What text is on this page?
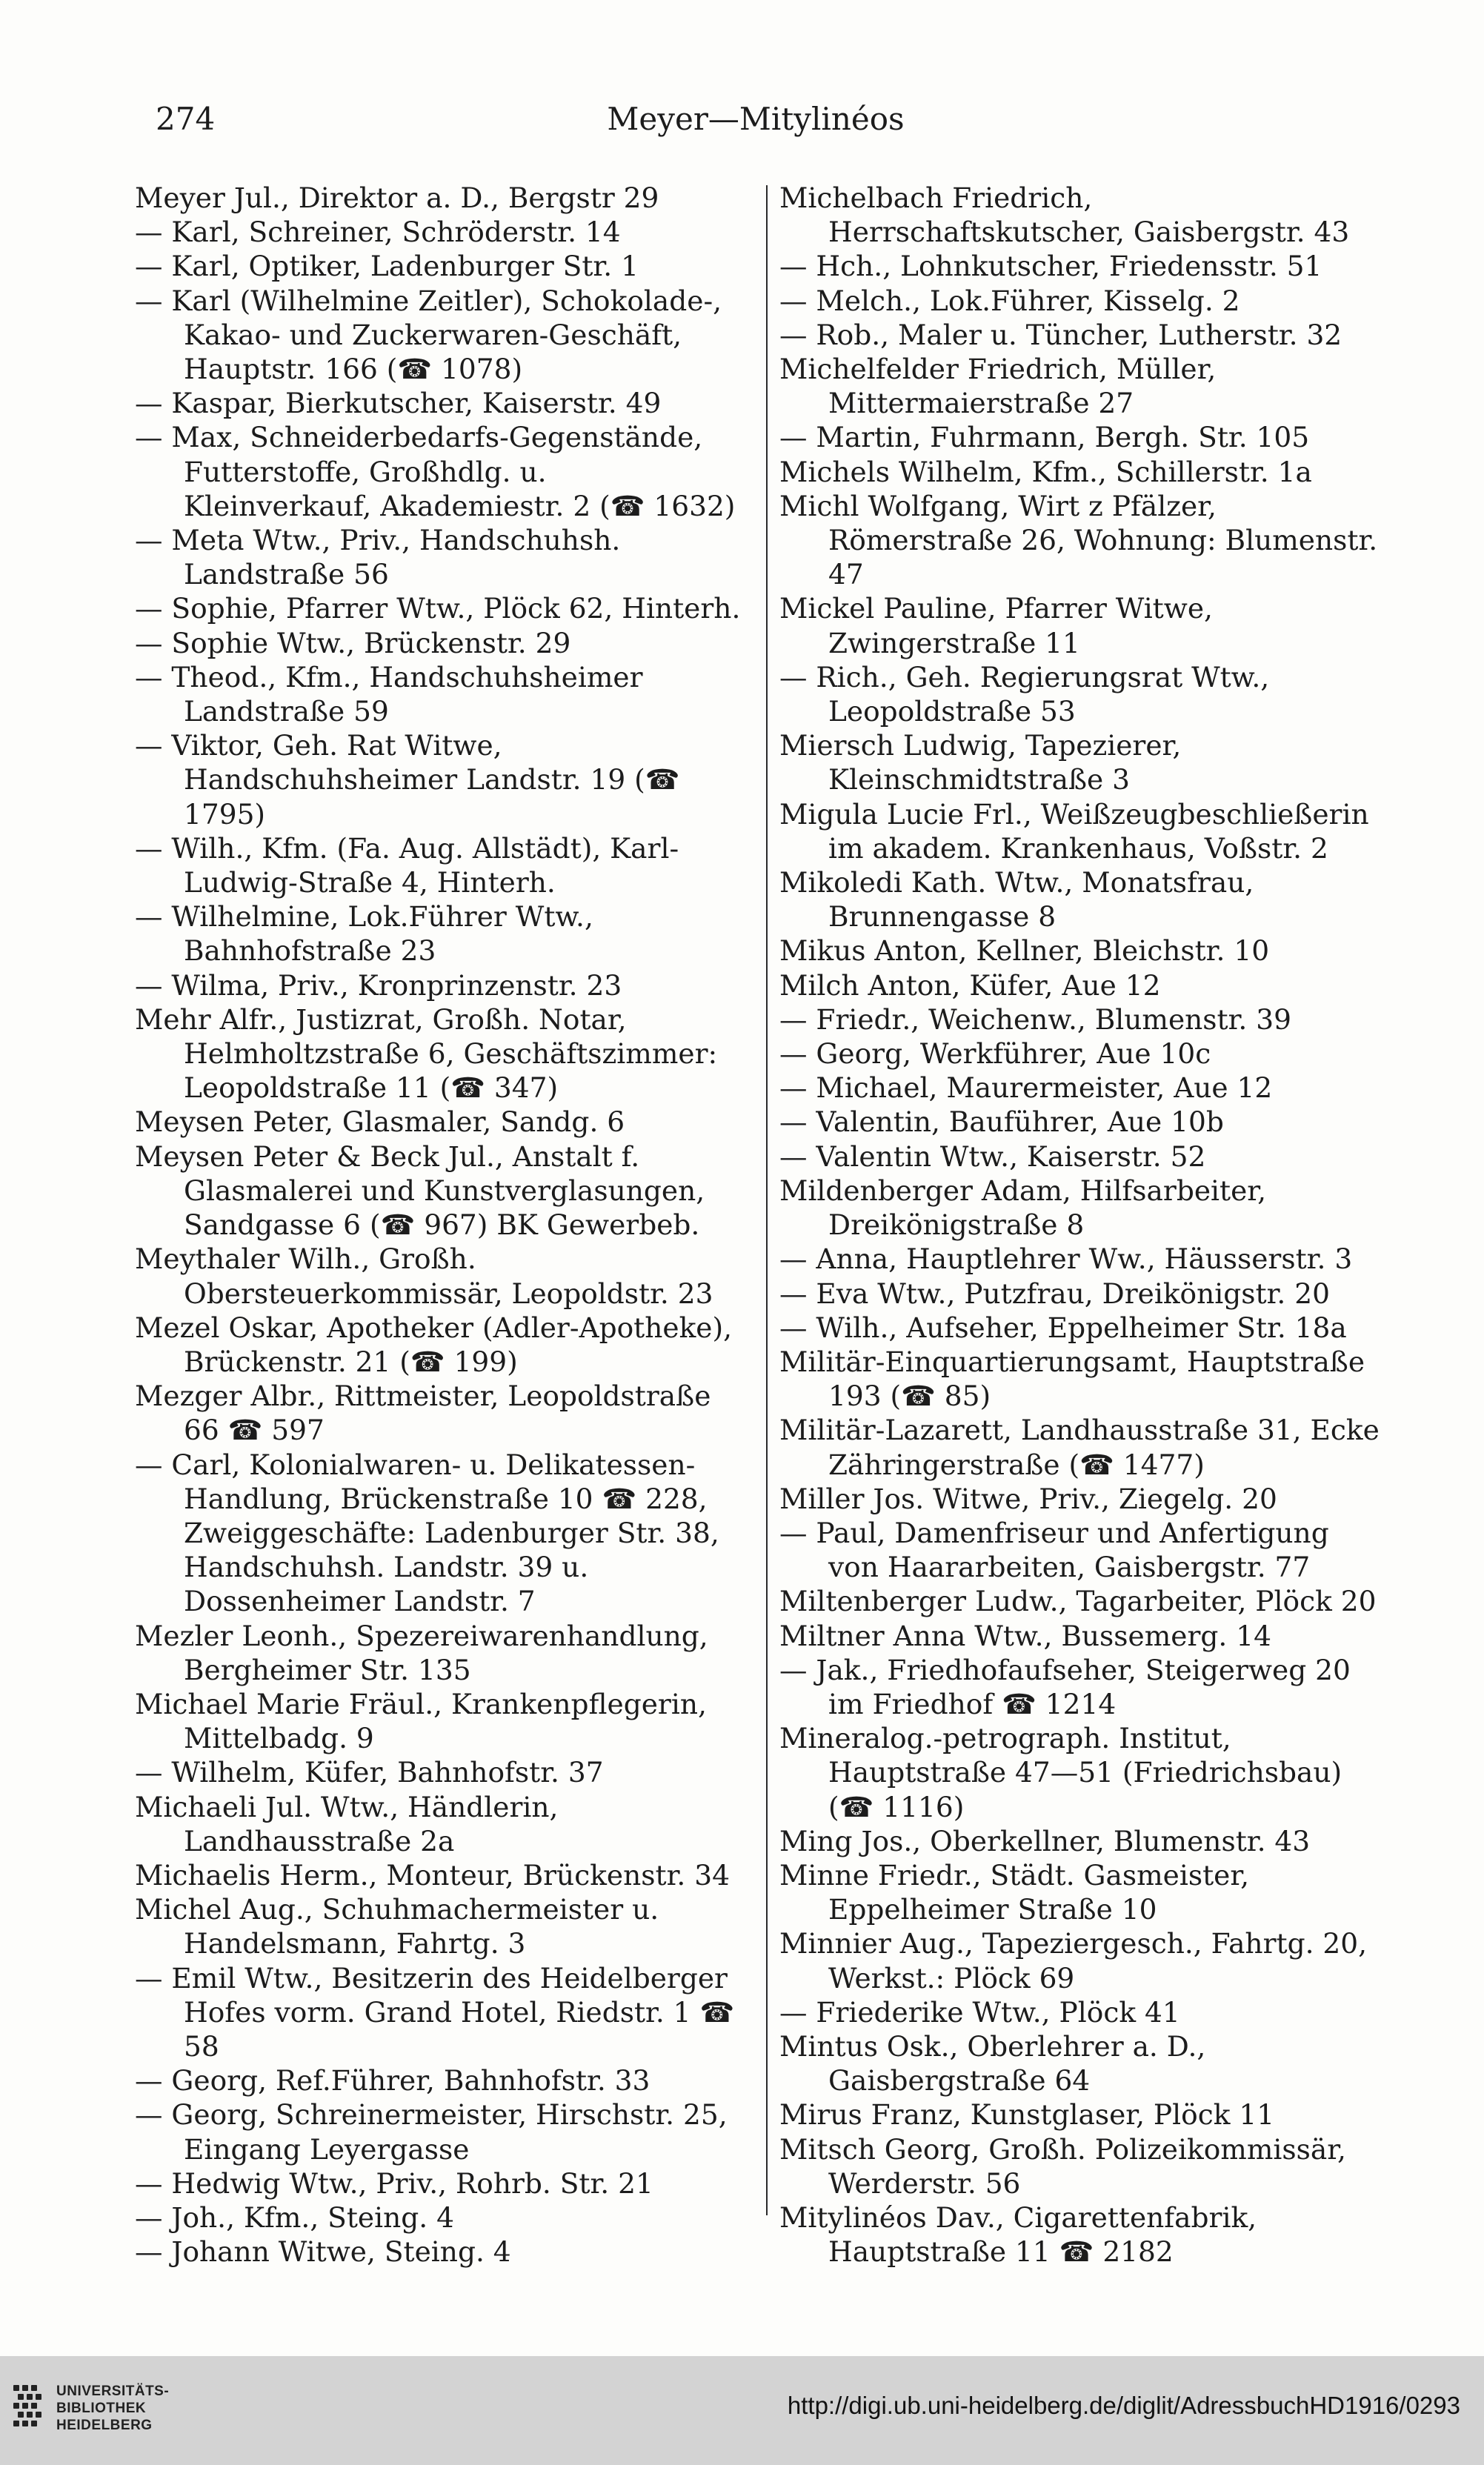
274	Meyer—Mitylinéos

Meyer Jul., Direktor a. D., Bergstr 29

— Karl, Schreiner, Schröderstr. 14

— Karl, Optiker, Ladenburger Str. 1

— Karl (Wilhelmine Zeitler), Schokolade-, Kakao- und Zuckerwaren-Geschäft, Hauptstr. 166 (☎ 1078)

— Kaspar, Bierkutscher, Kaiserstr. 49

— Max, Schneiderbedarfs-Gegenstände, Futterstoffe, Großhdlg. u. Kleinverkauf, Akademiestr. 2 (☎ 1632)

— Meta Wtw., Priv., Handschuhsh. Landstraße 56

— Sophie, Pfarrer Wtw., Plöck 62, Hinterh.

— Sophie Wtw., Brückenstr. 29

— Theod., Kfm., Handschuhsheimer Landstraße 59

— Viktor, Geh. Rat Witwe, Handschuhsheimer Landstr. 19 (☎ 1795)

— Wilh., Kfm. (Fa. Aug. Allstädt), Karl-Ludwig-Straße 4, Hinterh.

— Wilhelmine, Lok.Führer Wtw., Bahnhofstraße 23

— Wilma, Priv., Kronprinzenstr. 23

Mehr Alfr., Justizrat, Großh. Notar, Helmholtzstraße 6, Geschäftszimmer: Leopoldstraße 11 (☎ 347)

Meysen Peter, Glasmaler, Sandg. 6

Meysen Peter & Beck Jul., Anstalt f. Glasmalerei und Kunstverglasungen, Sandgasse 6 (☎ 967) BK Gewerbeb.

Meythaler Wilh., Großh. Obersteuerkommissär, Leopoldstr. 23

Mezel Oskar, Apotheker (Adler-Apotheke), Brückenstr. 21 (☎ 199)

Mezger Albr., Rittmeister, Leopoldstraße 66 ☎ 597

— Carl, Kolonialwaren- u. Delikatessen-Handlung, Brückenstraße 10 ☎ 228, Zweiggeschäfte: Ladenburger Str. 38, Handschuhsh. Landstr. 39 u. Dossenheimer Landstr. 7

Mezler Leonh., Spezereiwarenhandlung, Bergheimer Str. 135

Michael Marie Fräul., Krankenpflegerin, Mittelbadg. 9

— Wilhelm, Küfer, Bahnhofstr. 37

Michaeli Jul. Wtw., Händlerin, Landhausstraße 2a

Michaelis Herm., Monteur, Brückenstr. 34

Michel Aug., Schuhmachermeister u. Handelsmann, Fahrtg. 3

— Emil Wtw., Besitzerin des Heidelberger Hofes vorm. Grand Hotel, Riedstr. 1 ☎ 58

— Georg, Ref.Führer, Bahnhofstr. 33

— Georg, Schreinermeister, Hirschstr. 25, Eingang Leyergasse

— Hedwig Wtw., Priv., Rohrb. Str. 21

— Joh., Kfm., Steing. 4

— Johann Witwe, Steing. 4

Michelbach Friedrich, Herrschaftskutscher, Gaisbergstr. 43

— Hch., Lohnkutscher, Friedensstr. 51

— Melch., Lok.Führer, Kisselg. 2

— Rob., Maler u. Tüncher, Lutherstr. 32

Michelfelder Friedrich, Müller, Mittermaierstraße 27

— Martin, Fuhrmann, Bergh. Str. 105

Michels Wilhelm, Kfm., Schillerstr. 1a

Michl Wolfgang, Wirt z Pfälzer, Römerstraße 26, Wohnung: Blumenstr. 47

Mickel Pauline, Pfarrer Witwe, Zwingerstraße 11

— Rich., Geh. Regierungsrat Wtw., Leopoldstraße 53

Miersch Ludwig, Tapezierer, Kleinschmidtstraße 3

Migula Lucie Frl., Weißzeugbeschließerin im akadem. Krankenhaus, Voßstr. 2

Mikoledi Kath. Wtw., Monatsfrau, Brunnengasse 8

Mikus Anton, Kellner, Bleichstr. 10

Milch Anton, Küfer, Aue 12

— Friedr., Weichenw., Blumenstr. 39

— Georg, Werkführer, Aue 10c

— Michael, Maurermeister, Aue 12

— Valentin, Bauführer, Aue 10b

— Valentin Wtw., Kaiserstr. 52

Mildenberger Adam, Hilfsarbeiter, Dreikönigstraße 8

— Anna, Hauptlehrer Ww., Häusserstr. 3

— Eva Wtw., Putzfrau, Dreikönigstr. 20

— Wilh., Aufseher, Eppelheimer Str. 18a

Militär-Einquartierungsamt, Hauptstraße 193 (☎ 85)

Militär-Lazarett, Landhausstraße 31, Ecke Zähringerstraße (☎ 1477)

Miller Jos. Witwe, Priv., Ziegelg. 20

— Paul, Damenfriseur und Anfertigung von Haararbeiten, Gaisbergstr. 77

Miltenberger Ludw., Tagarbeiter, Plöck 20

Miltner Anna Wtw., Bussemerg. 14

— Jak., Friedhofaufseher, Steigerweg 20 im Friedhof ☎ 1214

Mineralog.-petrograph. Institut, Hauptstraße 47—51 (Friedrichsbau) (☎ 1116)

Ming Jos., Oberkellner, Blumenstr. 43

Minne Friedr., Städt. Gasmeister, Eppelheimer Straße 10

Minnier Aug., Tapeziergesch., Fahrtg. 20, Werkst.: Plöck 69

— Friederike Wtw., Plöck 41

Mintus Osk., Oberlehrer a. D., Gaisbergstraße 64

Mirus Franz, Kunstglaser, Plöck 11

Mitsch Georg, Großh. Polizeikommissär, Werderstr. 56

Mitylinéos Dav., Cigarettenfabrik, Hauptstraße 11 ☎ 2182

UNIVERSITÄTS-
BIBLIOTHEK
HEIDELBERG
http://digi.ub.uni-heidelberg.de/diglit/AdressbuchHD1916/0293
